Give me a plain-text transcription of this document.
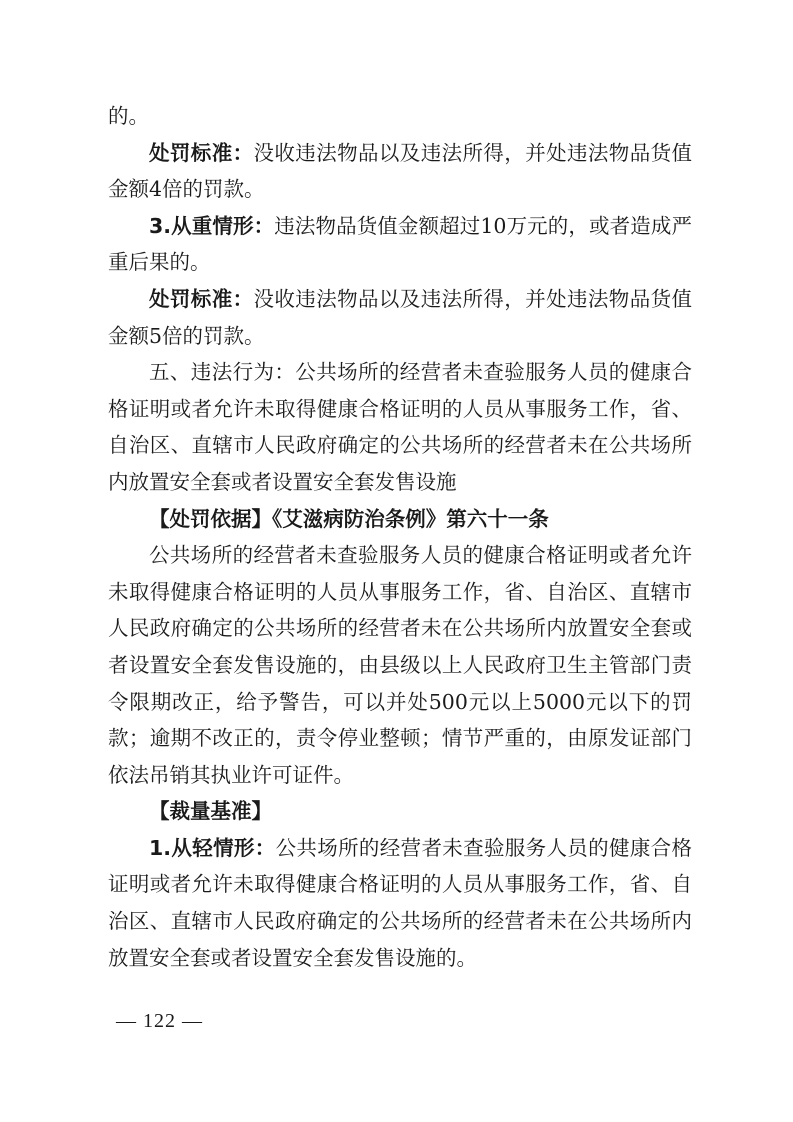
的。

处罚标准：没收违法物品以及违法所得，并处违法物品货值金额4倍的罚款。

3.从重情形：违法物品货值金额超过10万元的，或者造成严重后果的。

处罚标准：没收违法物品以及违法所得，并处违法物品货值金额5倍的罚款。

五、违法行为：公共场所的经营者未查验服务人员的健康合格证明或者允许未取得健康合格证明的人员从事服务工作，省、自治区、直辖市人民政府确定的公共场所的经营者未在公共场所内放置安全套或者设置安全套发售设施

【处罚依据】《艾滋病防治条例》第六十一条

公共场所的经营者未查验服务人员的健康合格证明或者允许未取得健康合格证明的人员从事服务工作，省、自治区、直辖市人民政府确定的公共场所的经营者未在公共场所内放置安全套或者设置安全套发售设施的，由县级以上人民政府卫生主管部门责令限期改正，给予警告，可以并处500元以上5000元以下的罚款；逾期不改正的，责令停业整顿；情节严重的，由原发证部门依法吊销其执业许可证件。

【裁量基准】

1.从轻情形：公共场所的经营者未查验服务人员的健康合格证明或者允许未取得健康合格证明的人员从事服务工作，省、自治区、直辖市人民政府确定的公共场所的经营者未在公共场所内放置安全套或者设置安全套发售设施的。

— 122 —
